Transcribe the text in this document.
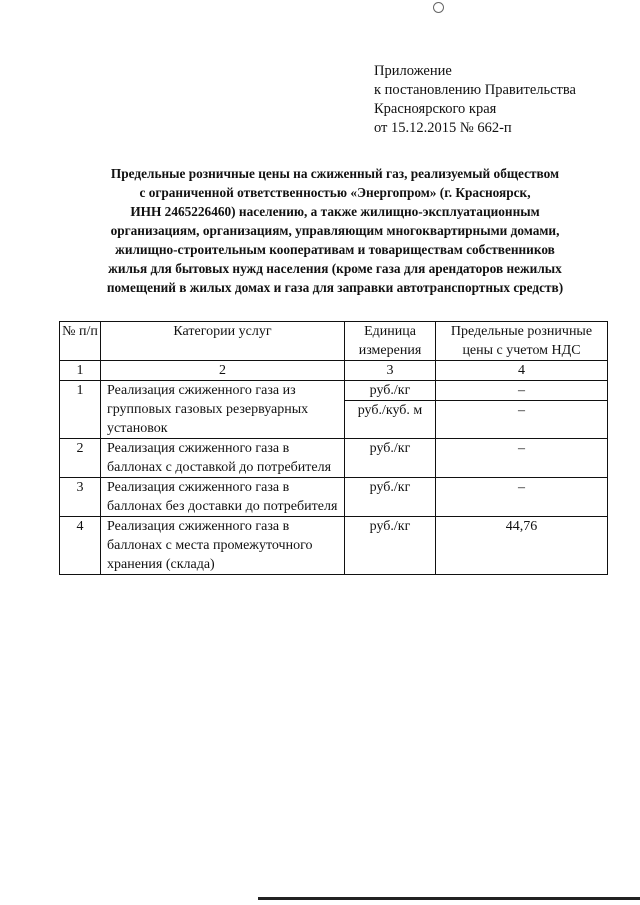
Приложение
к постановлению Правительства
Красноярского края
от 15.12.2015 № 662-п
Предельные розничные цены на сжиженный газ, реализуемый обществом
с ограниченной ответственностью «Энергопром» (г. Красноярск,
ИНН 2465226460) населению, а также жилищно-эксплуатационным
организациям, организациям, управляющим многоквартирными домами,
жилищно-строительным кооперативам и товариществам собственников
жилья для бытовых нужд населения (кроме газа для арендаторов нежилых
помещений в жилых домах и газа для заправки автотранспортных средств)
№ п/п	Категории услуг	Единица измерения	Предельные розничные цены с учетом НДС
1	2	3	4
1	Реализация сжиженного газа из групповых газовых резервуарных установок	руб./кг	–
		руб./куб. м	–
2	Реализация сжиженного газа в баллонах с доставкой до потребителя	руб./кг	–
3	Реализация сжиженного газа в баллонах без доставки до потребителя	руб./кг	–
4	Реализация сжиженного газа в баллонах с места промежуточного хранения (склада)	руб./кг	44,76
